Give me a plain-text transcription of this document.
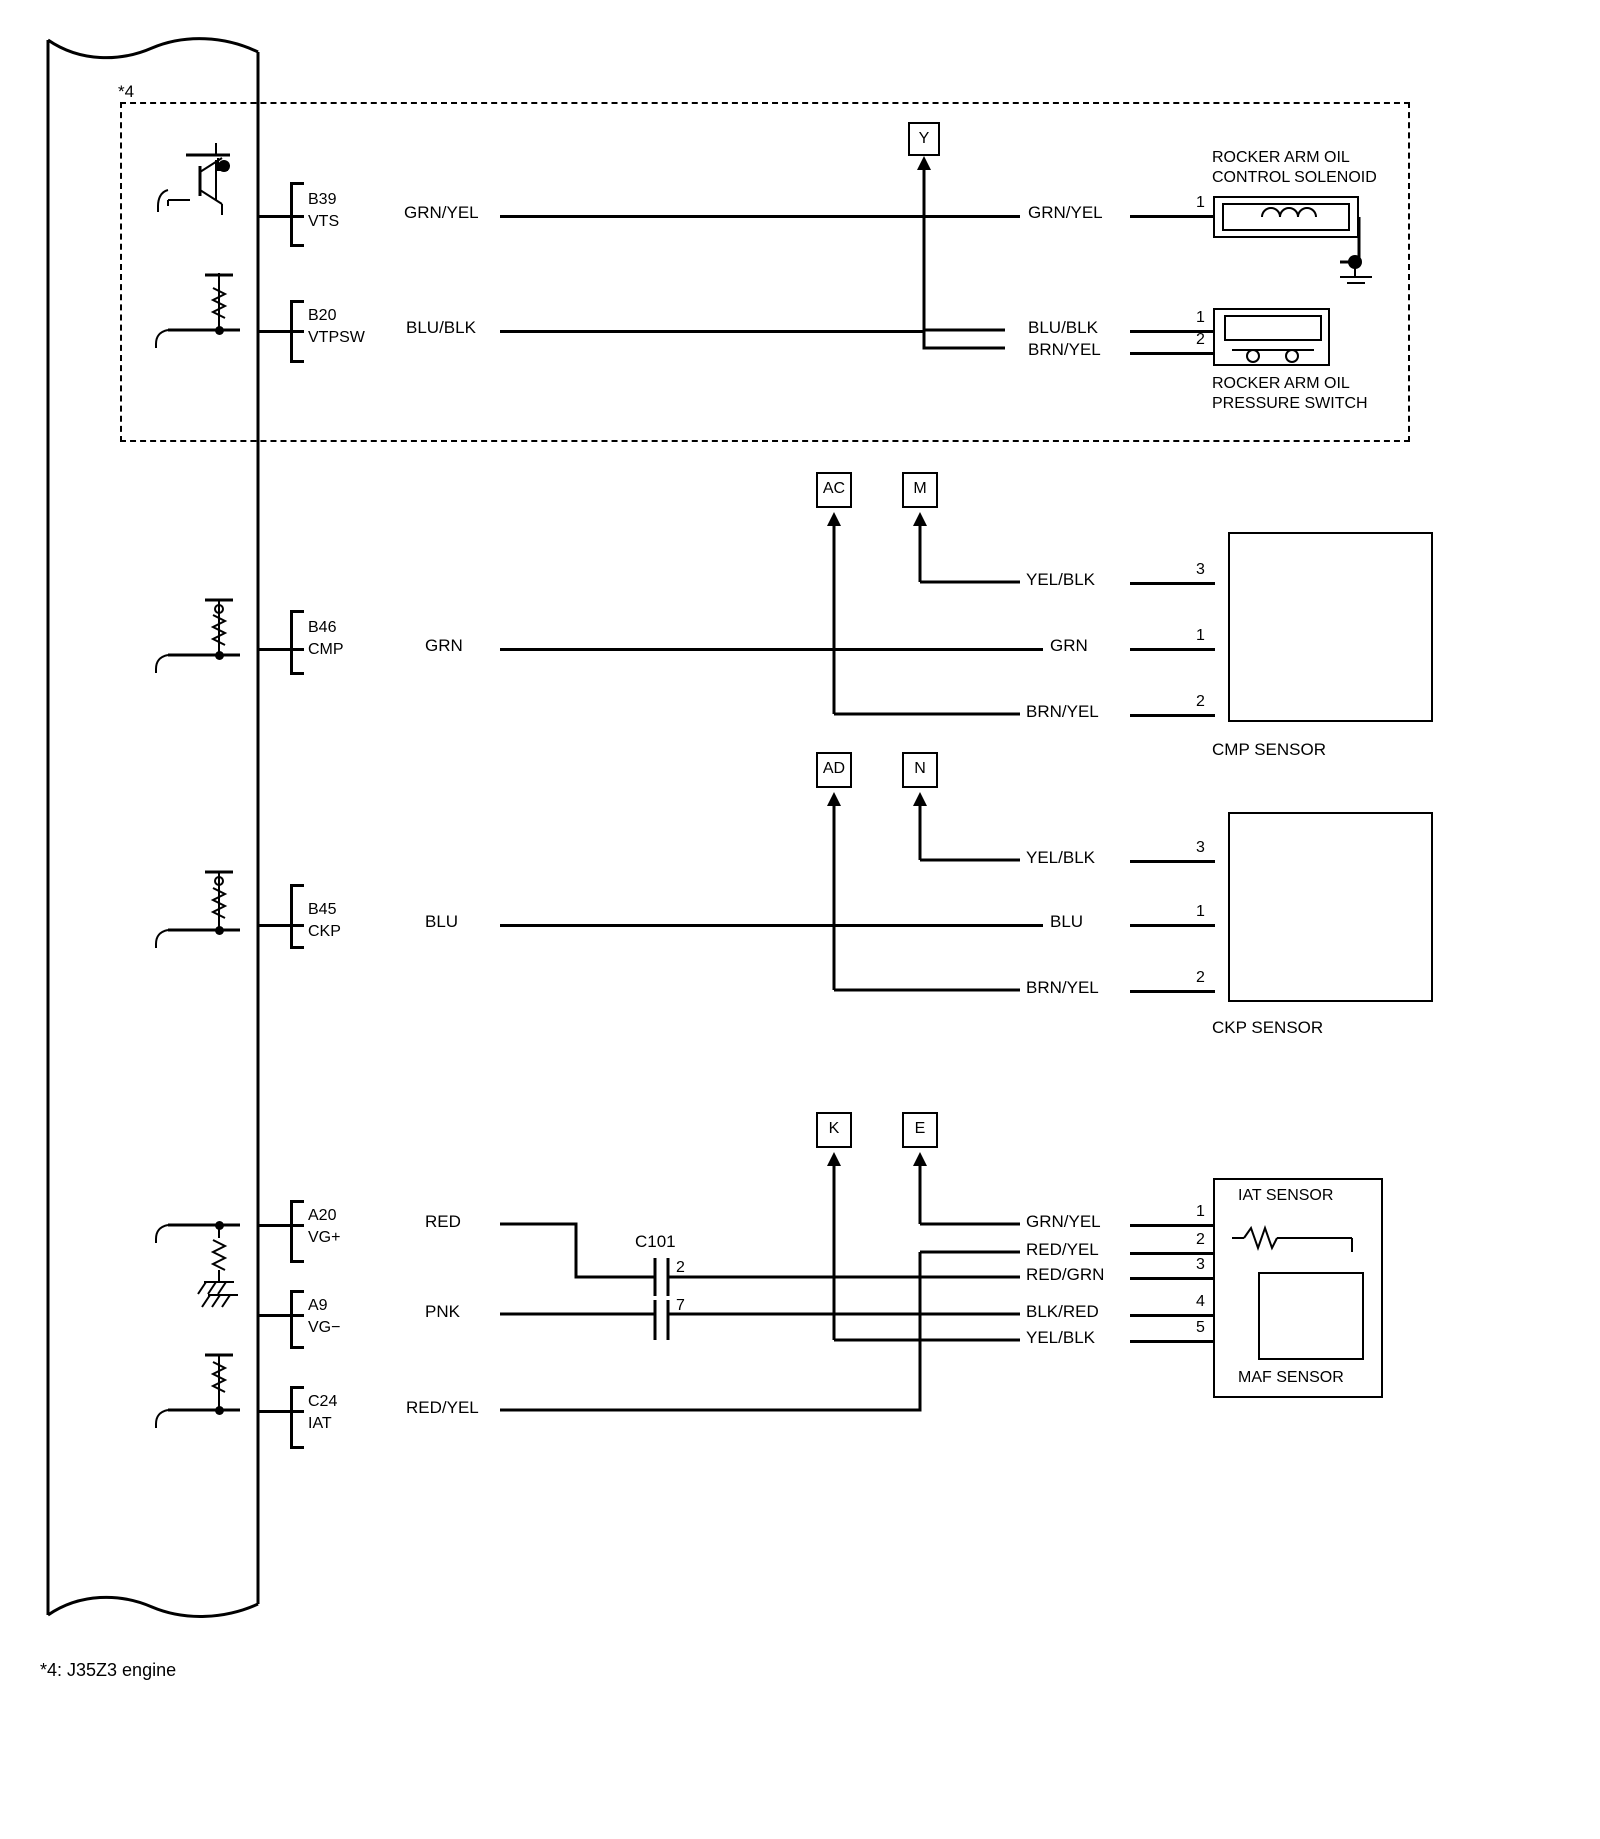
*4
B39
VTS	GRN/YEL	GRN/YEL
1
Y
ROCKER ARM OIL
CONTROL SOLENOID
B20
VTPSW
BLU/BLK	BLU/BLK
1
BRN/YEL
2
ROCKER ARM OIL
PRESSURE SWITCH
B46
CMP	GRN	GRN
1
YEL/BLK
3
BRN/YEL
2
AC	M
CMP SENSOR
B45
CKP
BLU	BLU
1
YEL/BLK
3
BRN/YEL
2
AD	N
CKP SENSOR
A20
VG+
RED
A9
VG−
PNK
C24
IAT
RED/YEL
C101
2
7
K	E
GRN/YEL
1
RED/YEL
2
RED/GRN
3
BLK/RED
4
YEL/BLK
5
IAT SENSOR
MAF SENSOR
*4: J35Z3 engine
